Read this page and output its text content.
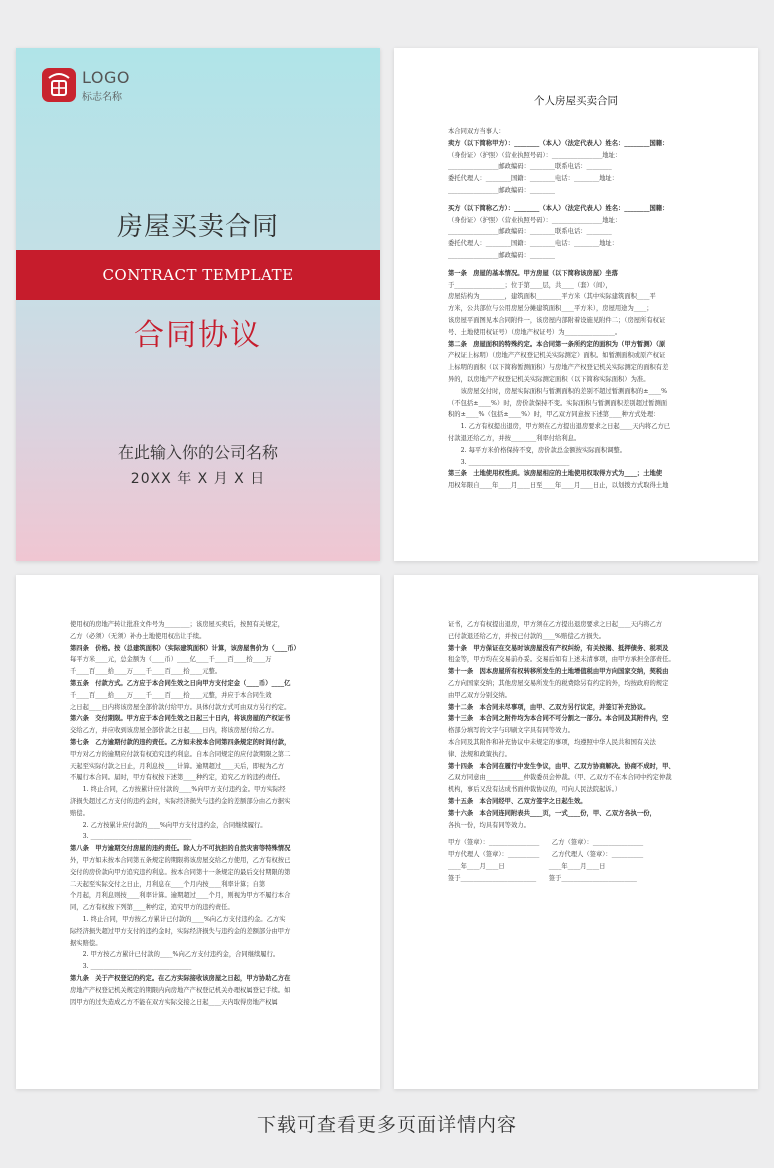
LOGO
标志名称
房屋买卖合同
CONTRACT TEMPLATE
合同协议
在此输入你的公司名称
20XX 年 X 月 X 日
个人房屋买卖合同
本合同双方当事人：
卖方（以下简称甲方）：________（本人）（法定代表人）姓名：________国籍：
（身份证）（护照）（营业执照号码）：________________地址：
________________邮政编码：________联系电话：________
委托代理人：________国籍：________电话：________地址：
________________邮政编码：________
买方（以下简称乙方）：________（本人）（法定代表人）姓名：________国籍：
（身份证）（护照）（营业执照号码）：________________地址：
________________邮政编码：________联系电话：________
委托代理人：________国籍：________电话：________地址：
________________邮政编码：________
第一条　房屋的基本情况。甲方房屋（以下简称该房屋）坐落
于________________；位于第____层，共____（套）（间），
房屋结构为________，建筑面积________平方米（其中实际建筑面积____平
方米，公共部位与公用房屋分摊建筑面积____平方米），房屋用途为____；
该房屋平面图见本合同附件一，该房屋内部附着设施见附件二；（房屋所有权证
号、土地使用权证号）（房地产权证号）为________________。
第二条　房屋面积的特殊约定。本合同第一条所约定的面积为（甲方暂测）（原
产权证上标明）（房地产产权登记机关实际测定）面积。如暂测面积或原产权证
上标明的面积（以下简称暂测面积）与房地产产权登记机关实际测定的面积有差
异的，以房地产产权登记机关实际测定面积（以下简称实际面积）为准。
　　该房屋交付时，房屋实际面积与暂测面积的差别不超过暂测面积的±____%
（不包括±____%）时，房价款保持不变。实际面积与暂测面积差别超过暂测面
积的±____%（包括±____%）时，甲乙双方同意按下述第____种方式处理：
　　1. 乙方有权提出退房，甲方须在乙方提出退房要求之日起____天内将乙方已
付款退还给乙方，并按________利率付给利息。
　　2. 每平方米价格保持不变，房价款总金额按实际面积调整。
　　3. ________________________________
第三条　土地使用权性质。该房屋相应的土地使用权取得方式为____；土地使
用权年限自____年____月____日至____年____月____日止，以划拨方式取得土地
使用权的房地产转让批准文件号为________；该房屋买卖后，按照有关规定，
乙方（必须）（无须）补办土地使用权出让手续。
第四条　价格。按（总建筑面积）（实际建筑面积）计算，该房屋售价为（____币）
每平方米____元，总金额为（____币）____亿____千____百____拾____万
千____百____拾____万____千____百____拾____元整。
第五条　付款方式。乙方应于本合同生效之日向甲方支付定金（____币）____亿
千____百____拾____万____千____百____拾____元整，并应于本合同生效
之日起____日内将该房屋全部价款付给甲方。具体付款方式可由双方另行约定。
第六条　交付期限。甲方应于本合同生效之日起三十日内，将该房屋的产权证书
交给乙方，并应收到该房屋全部价款之日起____日内，将该房屋付给乙方。
第七条　乙方逾期付款的违约责任。乙方如未按本合同第四条规定的时间付款，
甲方对乙方的逾期应付款有权追究违约利息。自本合同规定的应付款期限之第二
天起至实际付款之日止，月利息按____计算。逾期超过____天后，即视为乙方
不履行本合同。届时，甲方有权按下述第____种约定，追究乙方的违约责任。
　　1. 终止合同，乙方按累计应付款的____%向甲方支付违约金。甲方实际经
济损失超过乙方支付的违约金时，实际经济损失与违约金的差额部分由乙方据实
赔偿。
　　2. 乙方按累计应付款的____%向甲方支付违约金，合同继续履行。
　　3. ________________________________
第八条　甲方逾期交付房屋的违约责任。除人力不可抗拒的自然灾害等特殊情况
外，甲方如未按本合同第五条规定的期限将该房屋交给乙方使用，乙方有权按已
交付的房价款向甲方追究违约利息。按本合同第十一条规定的最后交付期限的第
二天起至实际交付之日止，月利息在____个月内按____利率计算；自第
个月起，月利息则按____利率计算。逾期超过____个月，则视为甲方不履行本合
同，乙方有权按下列第____种约定，追究甲方的违约责任。
　　1. 终止合同，甲方按乙方累计已付款的____%向乙方支付违约金。乙方实
际经济损失超过甲方支付的违约金时，实际经济损失与违约金的差额部分由甲方
据实赔偿。
　　2. 甲方按乙方累计已付款的____%向乙方支付违约金，合同继续履行。
　　3. ________________________________
第九条　关于产权登记的约定。在乙方实际接收该房屋之日起，甲方协助乙方在
房地产产权登记机关规定的期限内向房地产产权登记机关办理权属登记手续。如
因甲方的过失造成乙方不能在双方实际交接之日起____天内取得房地产权属
证书，乙方有权提出退房，甲方须在乙方提出退房要求之日起____天内将乙方
已付款退还给乙方，并按已付款的____%赔偿乙方损失。
第十条　甲方保证在交易时该房屋没有产权纠纷，有关按揭、抵押债务、税项及
租金等，甲方均在交易前办妥。交易后如有上述未清事项，由甲方承担全部责任。
第十一条　因本房屋所有权转移所发生的土地增值税由甲方向国家交纳，契税由
乙方向国家交纳；其他房屋交易所发生的税费除另有约定的外，均按政府的规定
由甲乙双方分别交纳。
第十二条　本合同未尽事项，由甲、乙双方另行议定，并签订补充协议。
第十三条　本合同之附件均为本合同不可分割之一部分。本合同及其附件内，空
格部分填写的文字与印刷文字具有同等效力。
本合同及其附件和补充协议中未规定的事项，均遵照中华人民共和国有关法
律、法规和政策执行。
第十四条　本合同在履行中发生争议，由甲、乙双方协商解决。协商不成时，甲、
乙双方同意由____________仲裁委员会仲裁。（甲、乙双方不在本合同中约定仲裁
机构，事后又没有达成书面仲裁协议的，可向人民法院起诉。）
第十五条　本合同经甲、乙双方签字之日起生效。
第十六条　本合同连同附表共____页，一式____份，甲、乙双方各执一份，
各执一份，均具有同等效力。
甲方（签章）：________________　　乙方（签章）：________________
甲方代理人（签章）：__________　　乙方代理人（签章）：__________
____年____月____日　　　　　　　____年____月____日
签于________________________　　签于________________________
下载可查看更多页面详情内容
